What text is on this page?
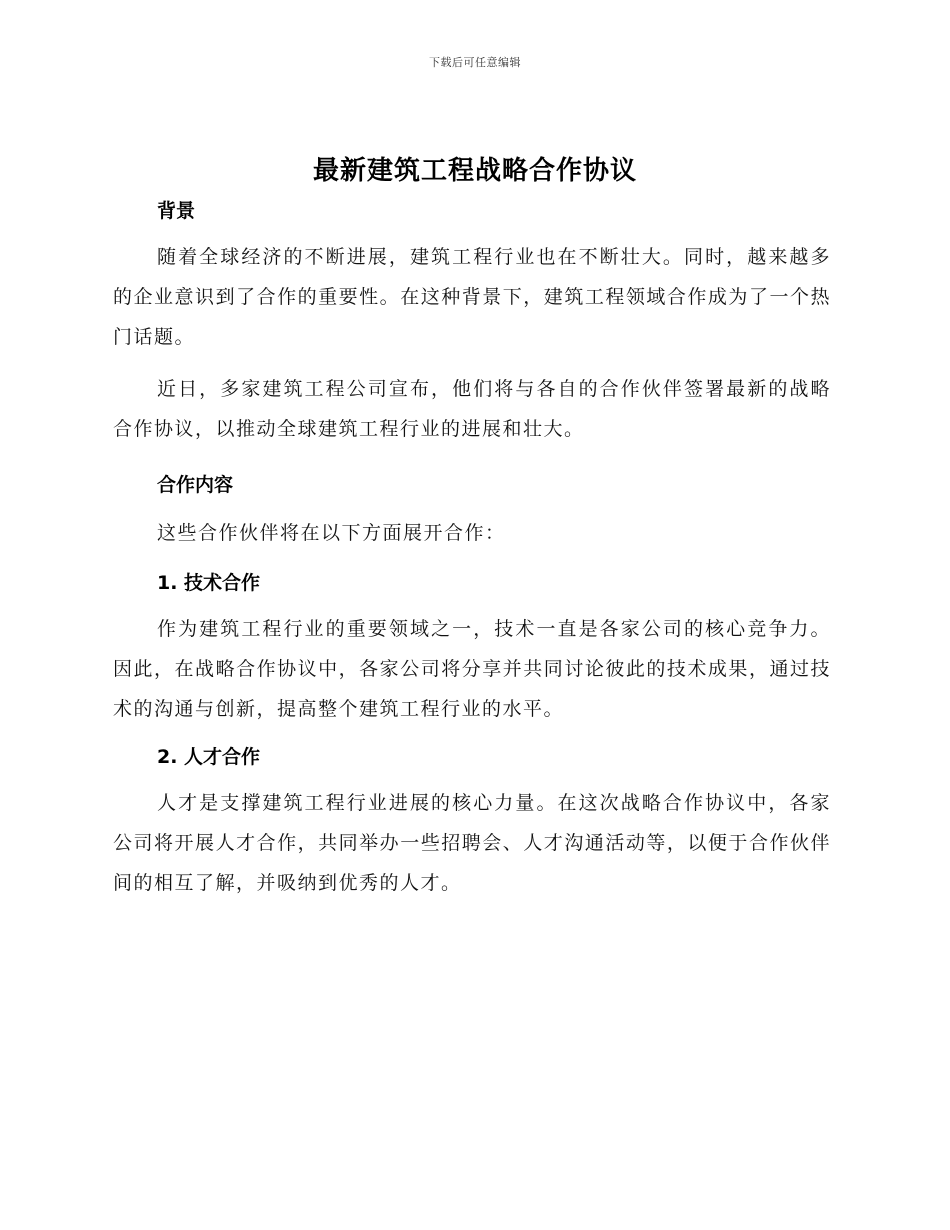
下载后可任意编辑
最新建筑工程战略合作协议
背景

随着全球经济的不断进展，建筑工程行业也在不断壮大。同时，越来越多的企业意识到了合作的重要性。在这种背景下，建筑工程领域合作成为了一个热门话题。

近日，多家建筑工程公司宣布，他们将与各自的合作伙伴签署最新的战略合作协议，以推动全球建筑工程行业的进展和壮大。

合作内容

这些合作伙伴将在以下方面展开合作：

1. 技术合作

作为建筑工程行业的重要领域之一，技术一直是各家公司的核心竞争力。因此，在战略合作协议中，各家公司将分享并共同讨论彼此的技术成果，通过技术的沟通与创新，提高整个建筑工程行业的水平。

2. 人才合作

人才是支撑建筑工程行业进展的核心力量。在这次战略合作协议中，各家公司将开展人才合作，共同举办一些招聘会、人才沟通活动等，以便于合作伙伴间的相互了解，并吸纳到优秀的人才。
